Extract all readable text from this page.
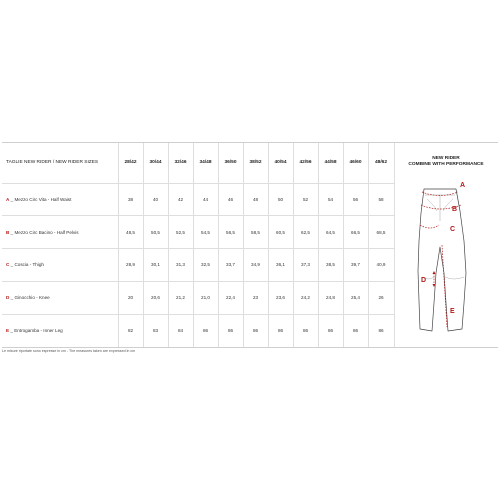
TAGLIE NEW RIDER / NEW RIDER SIZES	28/42	30/44	32/46	34/48	36/50	38/52	40/54	42/56	44/58	46/60	48/62
A _ Mezzo Circ Vita - Half Waist	38	40	42	44	46	48	50	52	54	56	58
B _ Mezzo Circ Bacino - Half Pelvis	48,5	50,5	52,5	54,5	56,5	58,5	60,5	62,5	64,5	66,5	68,5
C _ Coscia - Thigh	28,9	30,1	31,3	32,5	33,7	34,9	36,1	37,3	38,5	39,7	40,9
D _ Ginocchio - Knee	20	20,6	21,2	21,0	22,4	23	23,6	24,2	24,8	25,4	26
E _ Entrogamba - Inner Leg	82	83	84	86	86	86	86	86	86	86	86
NEW RIDER
COMBINE WITH PERFORMANCE
A
B
C
D
E
Le misure riportate sono espresse in cm - The measures taken are expressed in cm
